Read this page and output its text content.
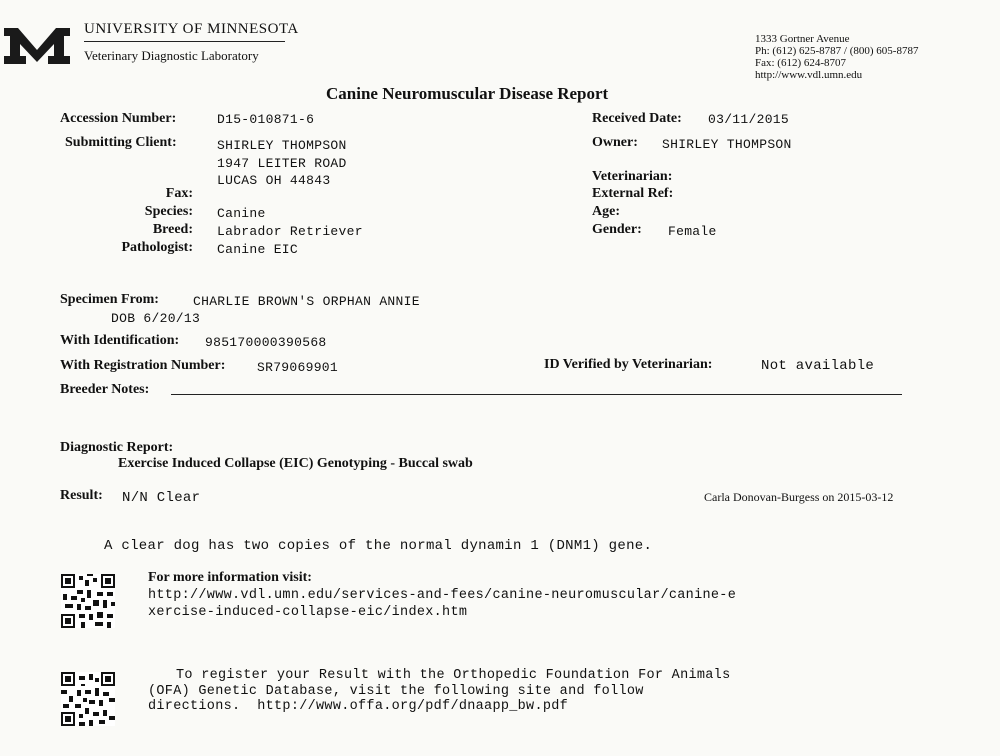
UNIVERSITY OF MINNESOTA
Veterinary Diagnostic Laboratory
1333 Gortner Avenue
Ph: (612) 625-8787 / (800) 605-8787
Fax: (612) 624-8707
http://www.vdl.umn.edu
Canine Neuromuscular Disease Report
Accession Number:	D15-010871-6
Submitting Client:	SHIRLEY THOMPSON
1947 LEITER ROAD
LUCAS OH 44843
Fax:
Species: Canine
Breed: Labrador Retriever
Pathologist: Canine EIC
Received Date: 03/11/2015
Owner: SHIRLEY THOMPSON
Veterinarian:
External Ref:
Age:
Gender: Female
Specimen From:	CHARLIE BROWN'S ORPHAN ANNIE
DOB 6/20/13
With Identification: 985170000390568
With Registration Number: SR79069901	ID Verified by Veterinarian:	Not available
Breeder Notes:
Diagnostic Report:
Exercise Induced Collapse (EIC) Genotyping - Buccal swab
Result: N/N Clear	Carla Donovan-Burgess on 2015-03-12
A clear dog has two copies of the normal dynamin 1 (DNM1) gene.
For more information visit:
http://www.vdl.umn.edu/services-and-fees/canine-neuromuscular/canine-e
xercise-induced-collapse-eic/index.htm
To register your Result with the Orthopedic Foundation For Animals
(OFA) Genetic Database, visit the following site and follow
directions.  http://www.offa.org/pdf/dnaapp_bw.pdf
